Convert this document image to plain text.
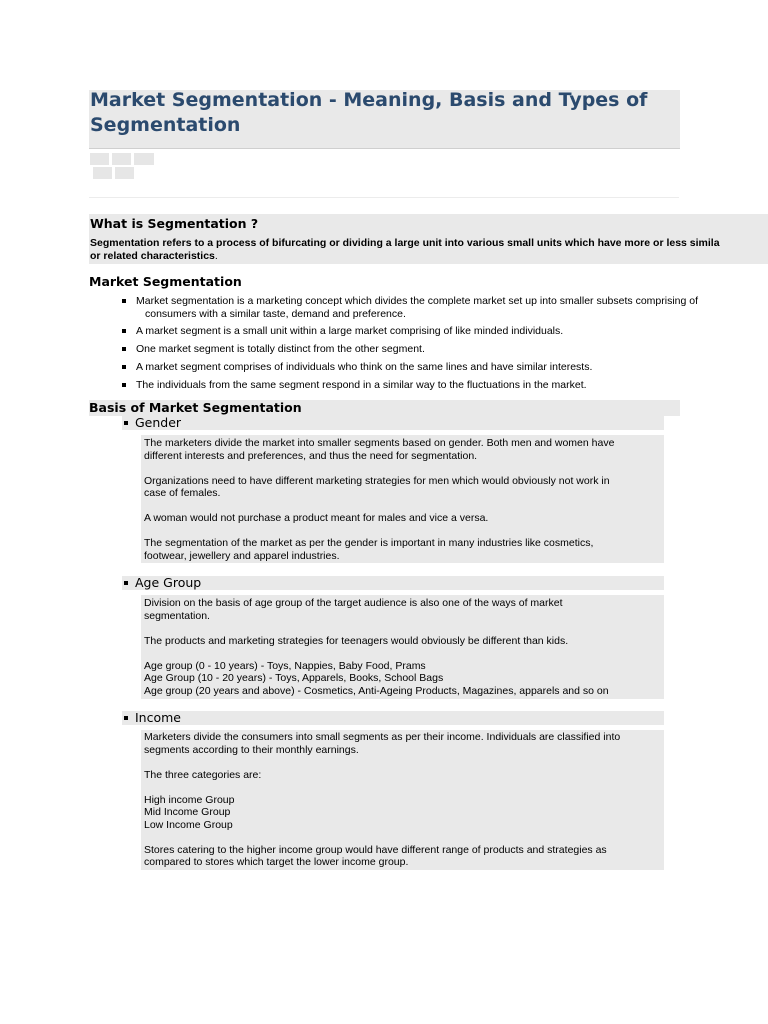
Market Segmentation - Meaning, Basis and Types of Segmentation
What is Segmentation ?

Segmentation refers to a process of bifurcating or dividing a large unit into various small units which have more or less simila
or related characteristics.

Market Segmentation
Market segmentation is a marketing concept which divides the complete market set up into smaller subsets comprising of
consumers with a similar taste, demand and preference.
A market segment is a small unit within a large market comprising of like minded individuals.
One market segment is totally distinct from the other segment.
A market segment comprises of individuals who think on the same lines and have similar interests.
The individuals from the same segment respond in a similar way to the fluctuations in the market.
Basis of Market Segmentation
Gender

The marketers divide the market into smaller segments based on gender. Both men and women have
different interests and preferences, and thus the need for segmentation.

Organizations need to have different marketing strategies for men which would obviously not work in
case of females.

A woman would not purchase a product meant for males and vice a versa.

The segmentation of the market as per the gender is important in many industries like cosmetics,
footwear, jewellery and apparel industries.

Age Group

Division on the basis of age group of the target audience is also one of the ways of market
segmentation.

The products and marketing strategies for teenagers would obviously be different than kids.

Age group (0 - 10 years) - Toys, Nappies, Baby Food, Prams
Age Group (10 - 20 years) - Toys, Apparels, Books, School Bags
Age group (20 years and above) - Cosmetics, Anti-Ageing Products, Magazines, apparels and so on

Income

Marketers divide the consumers into small segments as per their income. Individuals are classified into
segments according to their monthly earnings.

The three categories are:

High income Group
Mid Income Group
Low Income Group

Stores catering to the higher income group would have different range of products and strategies as
compared to stores which target the lower income group.
